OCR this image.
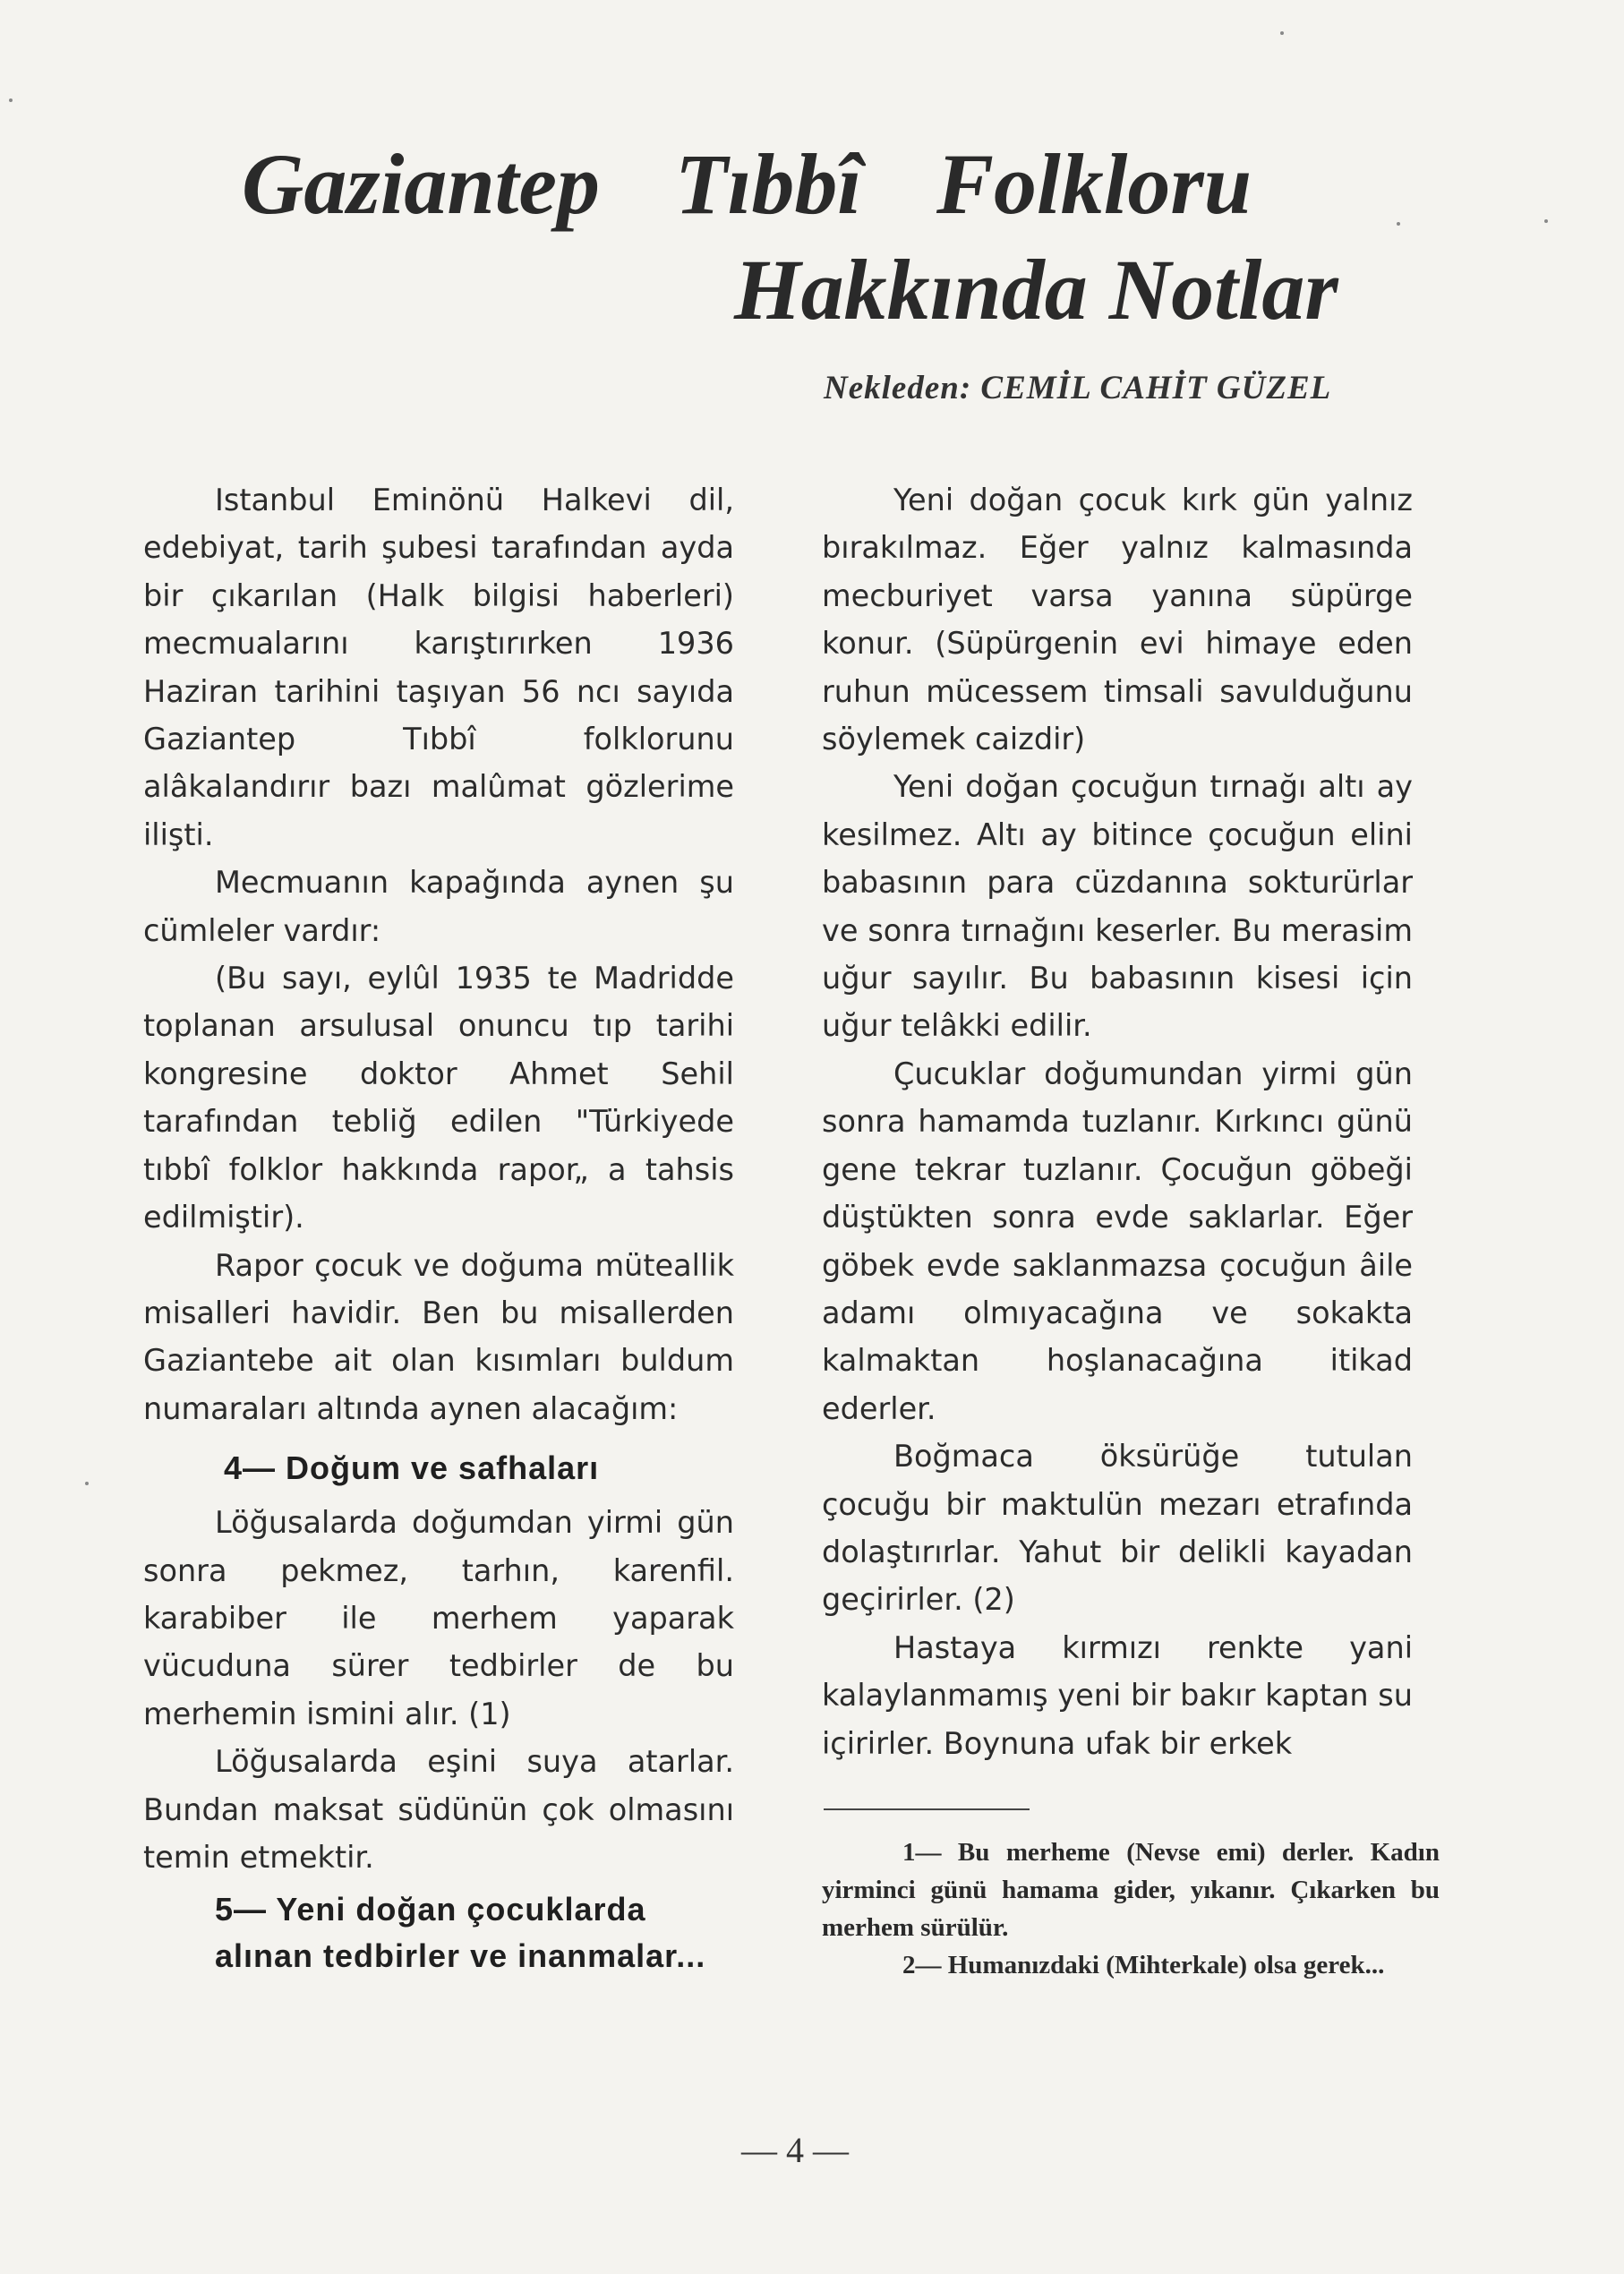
Gaziantep Tıbbî Folkloru
Hakkında Notlar
Nekleden: CEMİL CAHİT GÜZEL

Istanbul Eminönü Halkevi dil, edebiyat, tarih şubesi tarafından ayda bir çıkarılan (Halk bilgisi haberleri) mecmualarını karıştırırken 1936 Haziran tarihini taşıyan 56 ncı sayıda Gaziantep Tıbbî folklorunu alâkalandırır bazı malûmat gözlerime ilişti.

Mecmuanın kapağında aynen şu cümleler vardır:

(Bu sayı, eylûl 1935 te Madridde toplanan arsulusal onuncu tıp tarihi kongresine doktor Ahmet Sehil tarafından tebliğ edilen "Türkiyede tıbbî folklor hakkında rapor„ a tahsis edilmiştir).

Rapor çocuk ve doğuma müteallik misalleri havidir. Ben bu misallerden Gaziantebe ait olan kısımları buldum numaraları altında aynen alacağım:

4— Doğum ve safhaları

Löğusalarda doğumdan yirmi gün sonra pekmez, tarhın, karenfil. karabiber ile merhem yaparak vücuduna sürer tedbirler de bu merhemin ismini alır. (1)

Löğusalarda eşini suya atarlar. Bundan maksat südünün çok olmasını temin etmektir.

5— Yeni doğan çocuklarda alınan tedbirler ve inanmalar...

Yeni doğan çocuk kırk gün yalnız bırakılmaz. Eğer yalnız kalmasında mecburiyet varsa yanına süpürge konur. (Süpürgenin evi himaye eden ruhun mücessem timsali savulduğunu söylemek caizdir)

Yeni doğan çocuğun tırnağı altı ay kesilmez. Altı ay bitince çocuğun elini babasının para cüzdanına sokturürlar ve sonra tırnağını keserler. Bu merasim uğur sayılır. Bu babasının kisesi için uğur telâkki edilir.

Çucuklar doğumundan yirmi gün sonra hamamda tuzlanır. Kırkıncı günü gene tekrar tuzlanır. Çocuğun göbeği düştükten sonra evde saklarlar. Eğer göbek evde saklanmazsa çocuğun âile adamı olmıyacağına ve sokakta kalmaktan hoşlanacağına itikad ederler.

Boğmaca öksürüğe tutulan çocuğu bir maktulün mezarı etrafında dolaştırırlar. Yahut bir delikli kayadan geçirirler. (2)

Hastaya kırmızı renkte yani kalaylanmamış yeni bir bakır kaptan su içirirler. Boynuna ufak bir erkek

1— Bu merheme (Nevse emi) derler. Kadın yirminci günü hamama gider, yıkanır. Çıkarken bu merhem sürülür.

2— Humanızdaki (Mihterkale) olsa gerek...

— 4 —
